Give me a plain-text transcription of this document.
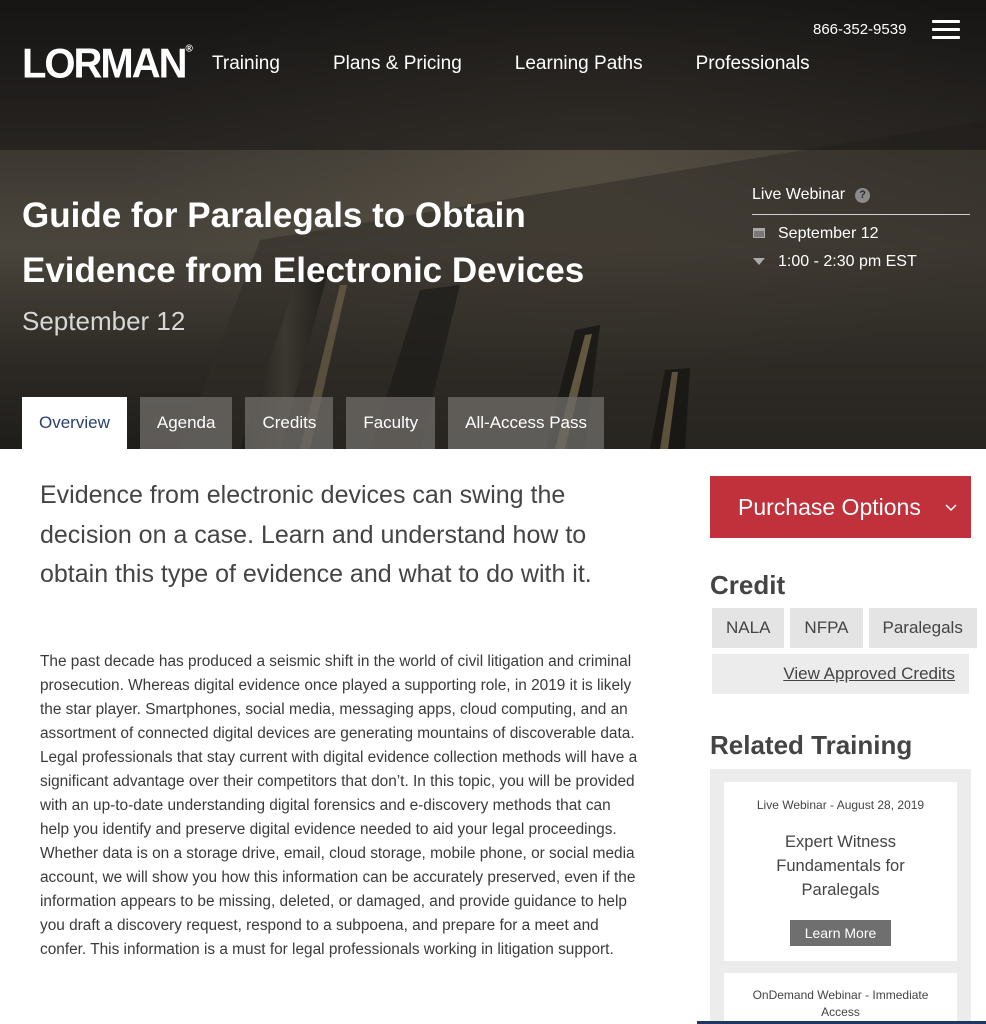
LORMAN®
Training	Plans & Pricing	Learning Paths	Professionals
866-352-9539
Guide for Paralegals to Obtain
Evidence from Electronic Devices
September 12
Live Webinar	?
September 12
1:00 - 2:30 pm EST
Overview	Agenda	Credits	Faculty	All-Access Pass

Evidence from electronic devices can swing the decision on a case. Learn and understand how to obtain this type of evidence and what to do with it.

The past decade has produced a seismic shift in the world of civil litigation and criminal prosecution. Whereas digital evidence once played a supporting role, in 2019 it is likely the star player. Smartphones, social media, messaging apps, cloud computing, and an assortment of connected digital devices are generating mountains of discoverable data. Legal professionals that stay current with digital evidence collection methods will have a significant advantage over their competitors that don’t. In this topic, you will be provided with an up-to-date understanding digital forensics and e-discovery methods that can help you identify and preserve digital evidence needed to aid your legal proceedings. Whether data is on a storage drive, email, cloud storage, mobile phone, or social media account, we will show you how this information can be accurately preserved, even if the information appears to be missing, deleted, or damaged, and provide guidance to help you draft a discovery request, respond to a subpoena, and prepare for a meet and confer. This information is a must for legal professionals working in litigation support.

Purchase Options
Credit
NALA	NFPA	Paralegals
View Approved Credits
Related Training
Live Webinar - August 28, 2019
Expert Witness Fundamentals for Paralegals
Learn More
OnDemand Webinar - Immediate Access
